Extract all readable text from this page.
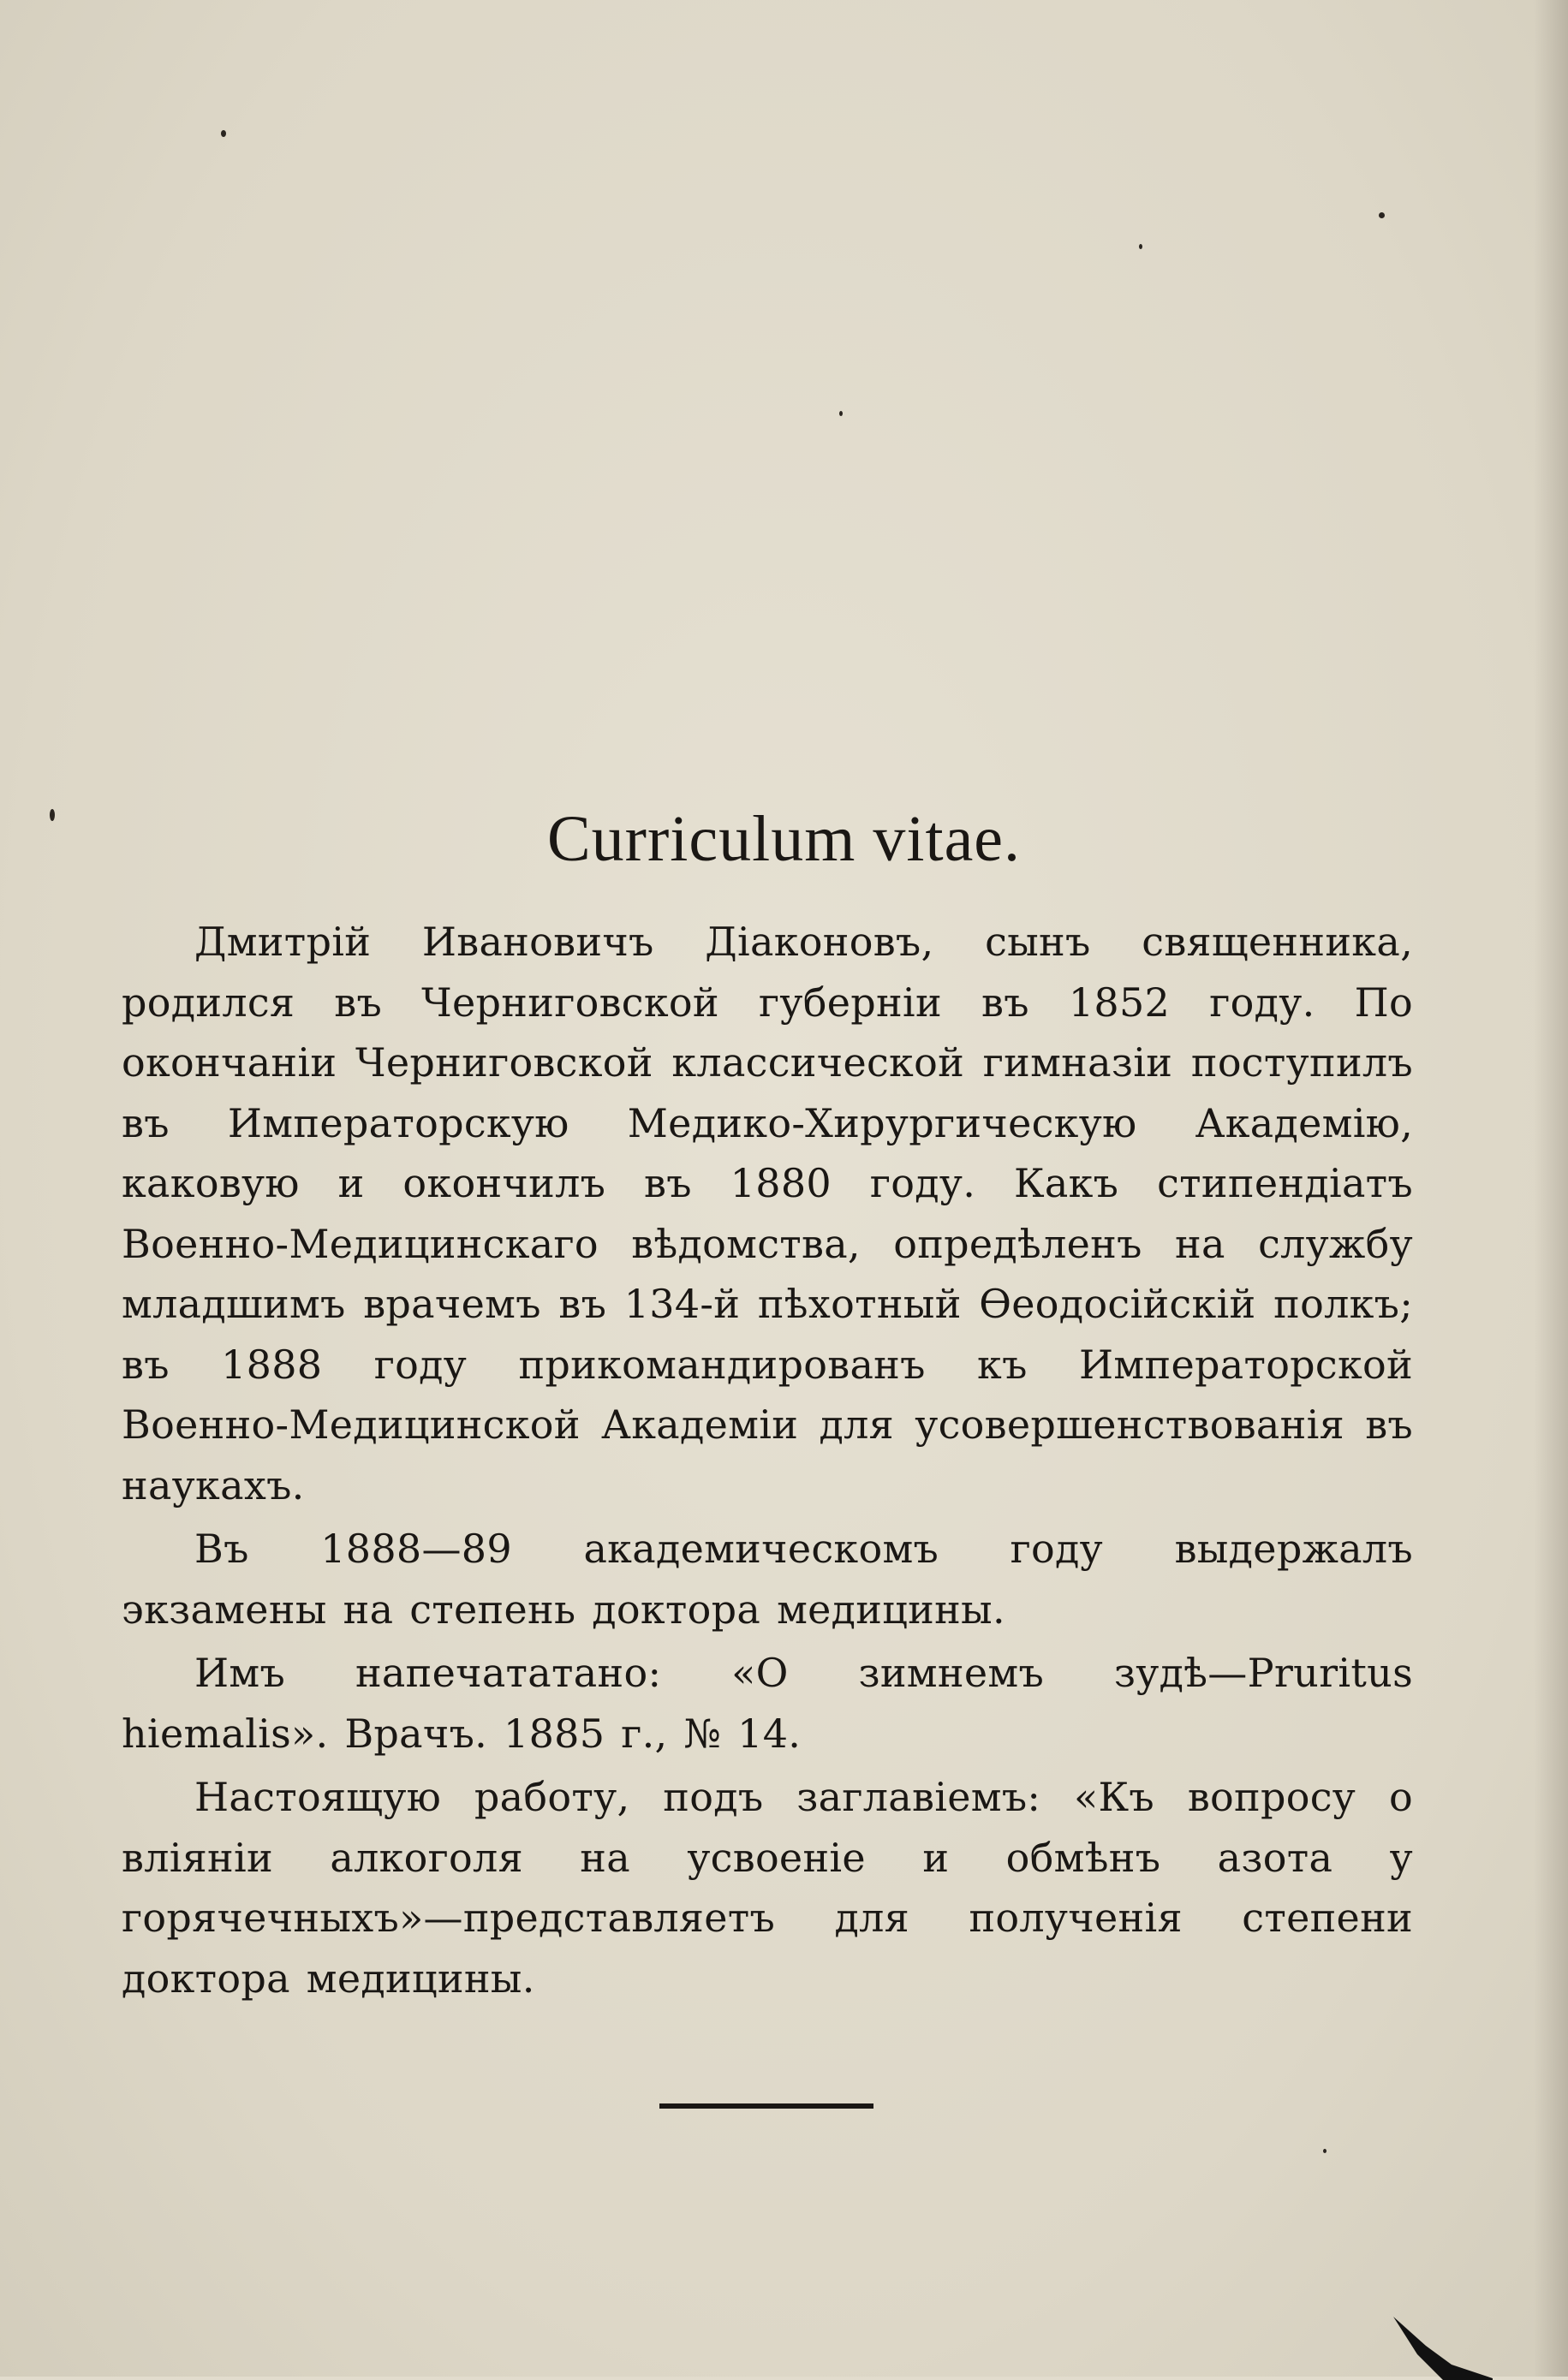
Curriculum vitae.

Дмитрій Ивановичъ Діаконовъ, сынъ священника, родился въ Черниговской губерніи въ 1852 году. По окончаніи Черниговской классической гимназіи поступилъ въ Императорскую Медико-Хирургическую Академію, каковую и окончилъ въ 1880 году. Какъ стипендіатъ Военно-Медицинскаго вѣдомства, опредѣленъ на службу младшимъ врачемъ въ 134-й пѣхотный Ѳеодосійскій полкъ; въ 1888 году прикомандированъ къ Императорской Военно-Медицинской Академіи для усовершенствованія въ наукахъ.

Въ 1888—89 академическомъ году выдержалъ экзамены на степень доктора медицины.

Имъ напечататано: «О зимнемъ зудѣ—Pruritus hiemalis». Врачъ. 1885 г., № 14.

Настоящую работу, подъ заглавіемъ: «Къ вопросу о вліяніи алкоголя на усвоеніе и обмѣнъ азота у горячечныхъ»—представляетъ для полученія степени доктора медицины.
